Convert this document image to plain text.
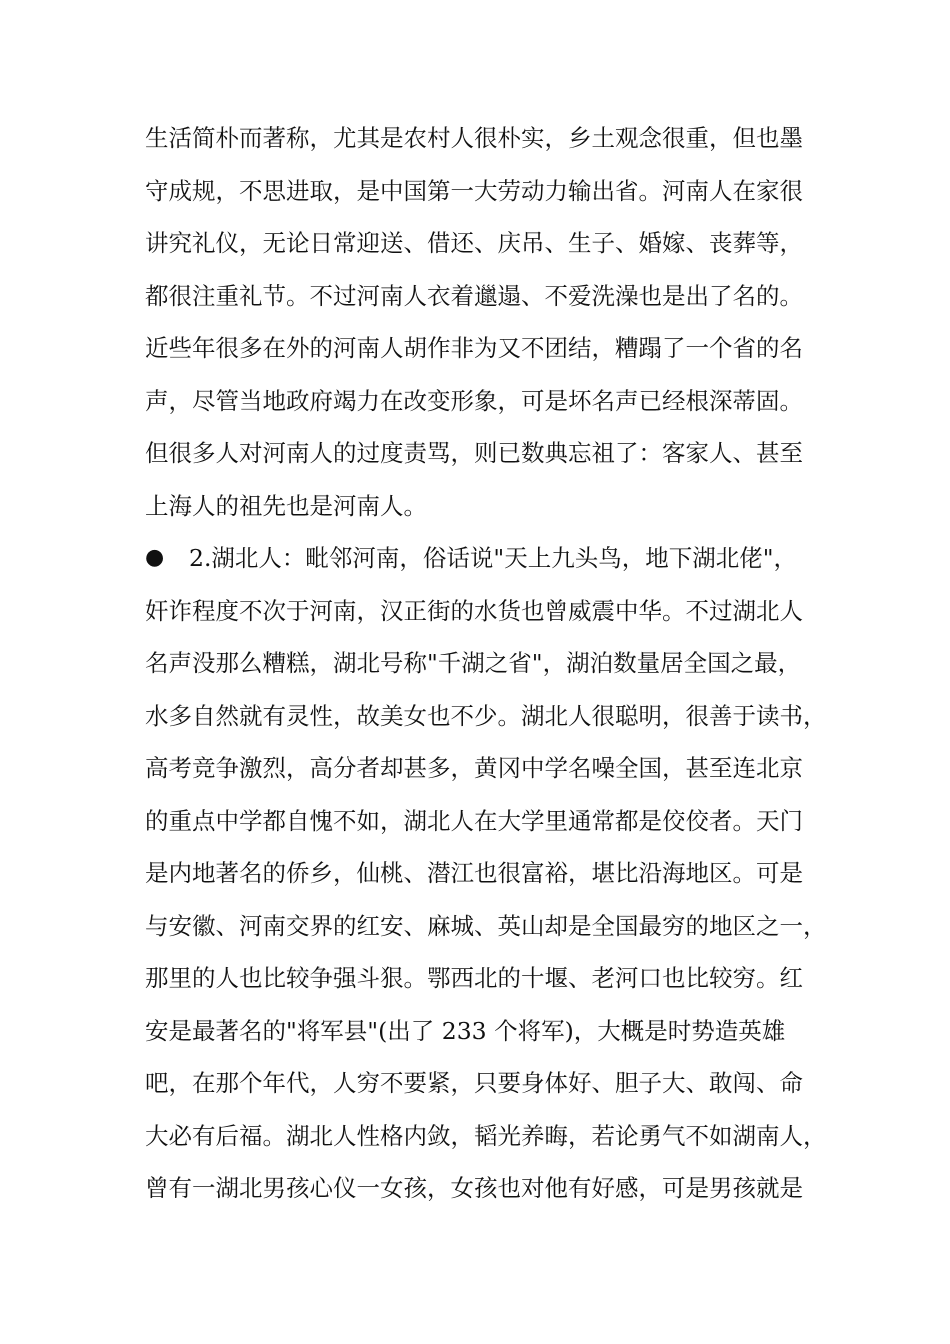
生活简朴而著称，尤其是农村人很朴实，乡土观念很重，但也墨
守成规，不思进取，是中国第一大劳动力输出省。河南人在家很
讲究礼仪，无论日常迎送、借还、庆吊、生子、婚嫁、丧葬等，
都很注重礼节。不过河南人衣着邋遢、不爱洗澡也是出了名的。
近些年很多在外的河南人胡作非为又不团结，糟蹋了一个省的名
声，尽管当地政府竭力在改变形象，可是坏名声已经根深蒂固。
但很多人对河南人的过度责骂，则已数典忘祖了：客家人、甚至
上海人的祖先也是河南人。
● 2.湖北人：毗邻河南，俗话说"天上九头鸟，地下湖北佬"，
奸诈程度不次于河南，汉正街的水货也曾威震中华。不过湖北人
名声没那么糟糕，湖北号称"千湖之省"，湖泊数量居全国之最，
水多自然就有灵性，故美女也不少。湖北人很聪明，很善于读书，
高考竞争激烈，高分者却甚多，黄冈中学名噪全国，甚至连北京
的重点中学都自愧不如，湖北人在大学里通常都是佼佼者。天门
是内地著名的侨乡，仙桃、潜江也很富裕，堪比沿海地区。可是
与安徽、河南交界的红安、麻城、英山却是全国最穷的地区之一，
那里的人也比较争强斗狠。鄂西北的十堰、老河口也比较穷。红
安是最著名的"将军县"(出了 233 个将军)，大概是时势造英雄
吧，在那个年代，人穷不要紧，只要身体好、胆子大、敢闯、命
大必有后福。湖北人性格内敛，韬光养晦，若论勇气不如湖南人，
曾有一湖北男孩心仪一女孩，女孩也对他有好感，可是男孩就是
